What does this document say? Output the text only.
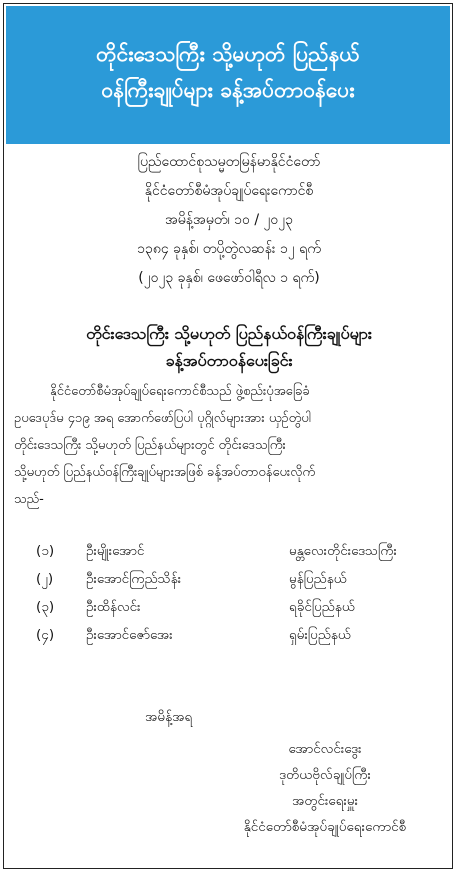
တိုင်းဒေသကြီး သို့မဟုတ် ပြည်နယ်
ဝန်ကြီးချုပ်များ ခန့်အပ်တာဝန်ပေး
ပြည်ထောင်စုသမ္မတမြန်မာနိုင်ငံတော်
နိုင်ငံတော်စီမံအုပ်ချုပ်ရေးကောင်စီ
အမိန့်အမှတ်၊ ၁၀ / ၂၀၂၃
၁၃၈၄ ခုနှစ်၊ တပို့တွဲလဆန်း ၁၂ ရက်
(၂၀၂၃ ခုနှစ်၊ ဖေဖော်ဝါရီလ ၁ ရက်)
တိုင်းဒေသကြီး သို့မဟုတ် ပြည်နယ်ဝန်ကြီးချုပ်များ
ခန့်အပ်တာဝန်ပေးခြင်း
နိုင်ငံတော်စီမံအုပ်ချုပ်ရေးကောင်စီသည် ဖွဲ့စည်းပုံအခြေခံ
ဥပဒေပုဒ်မ ၄၁၉ အရ အောက်ဖော်ပြပါ ပုဂ္ဂိုလ်များအား ယှဉ်တွဲပါ
တိုင်းဒေသကြီး သို့မဟုတ် ပြည်နယ်များတွင် တိုင်းဒေသကြီး
သို့မဟုတ် ပြည်နယ်ဝန်ကြီးချုပ်များအဖြစ် ခန့်အပ်တာဝန်ပေးလိုက်
သည်-
(၁) ဦးမျိုးအောင်	မန္တလေးတိုင်းဒေသကြီး
(၂) ဦးအောင်ကြည်သိန်း	မွန်ပြည်နယ်
(၃) ဦးထိန်လင်း	ရခိုင်ပြည်နယ်
(၄) ဦးအောင်ဇော်အေး	ရှမ်းပြည်နယ်
အမိန့်အရ
အောင်လင်းဒွေး
ဒုတိယဗိုလ်ချုပ်ကြီး
အတွင်းရေးမှူး
နိုင်ငံတော်စီမံအုပ်ချုပ်ရေးကောင်စီ
